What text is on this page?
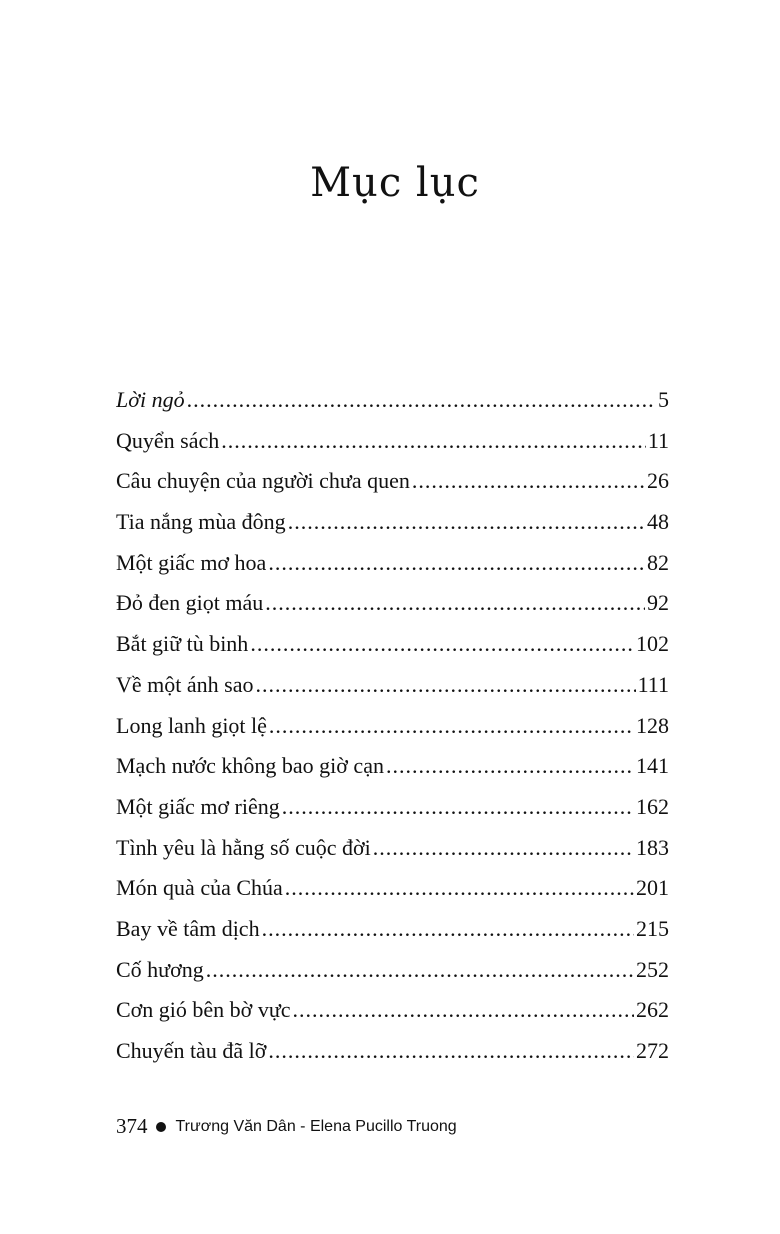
Mục lục
Lời ngỏ .....	5
Quyển sách .....	11
Câu chuyện của người chưa quen .....	26
Tia nắng mùa đông .....	48
Một giấc mơ hoa .....	82
Đỏ đen giọt máu .....	92
Bắt giữ tù binh .....	102
Về một ánh sao .....	111
Long lanh giọt lệ .....	128
Mạch nước không bao giờ cạn .....	141
Một giấc mơ riêng .....	162
Tình yêu là hằng số cuộc đời .....	183
Món quà của Chúa .....	201
Bay về tâm dịch .....	215
Cố hương .....	252
Cơn gió bên bờ vực .....	262
Chuyến tàu đã lỡ .....	272
374 Trương Văn Dân - Elena Pucillo Truong
